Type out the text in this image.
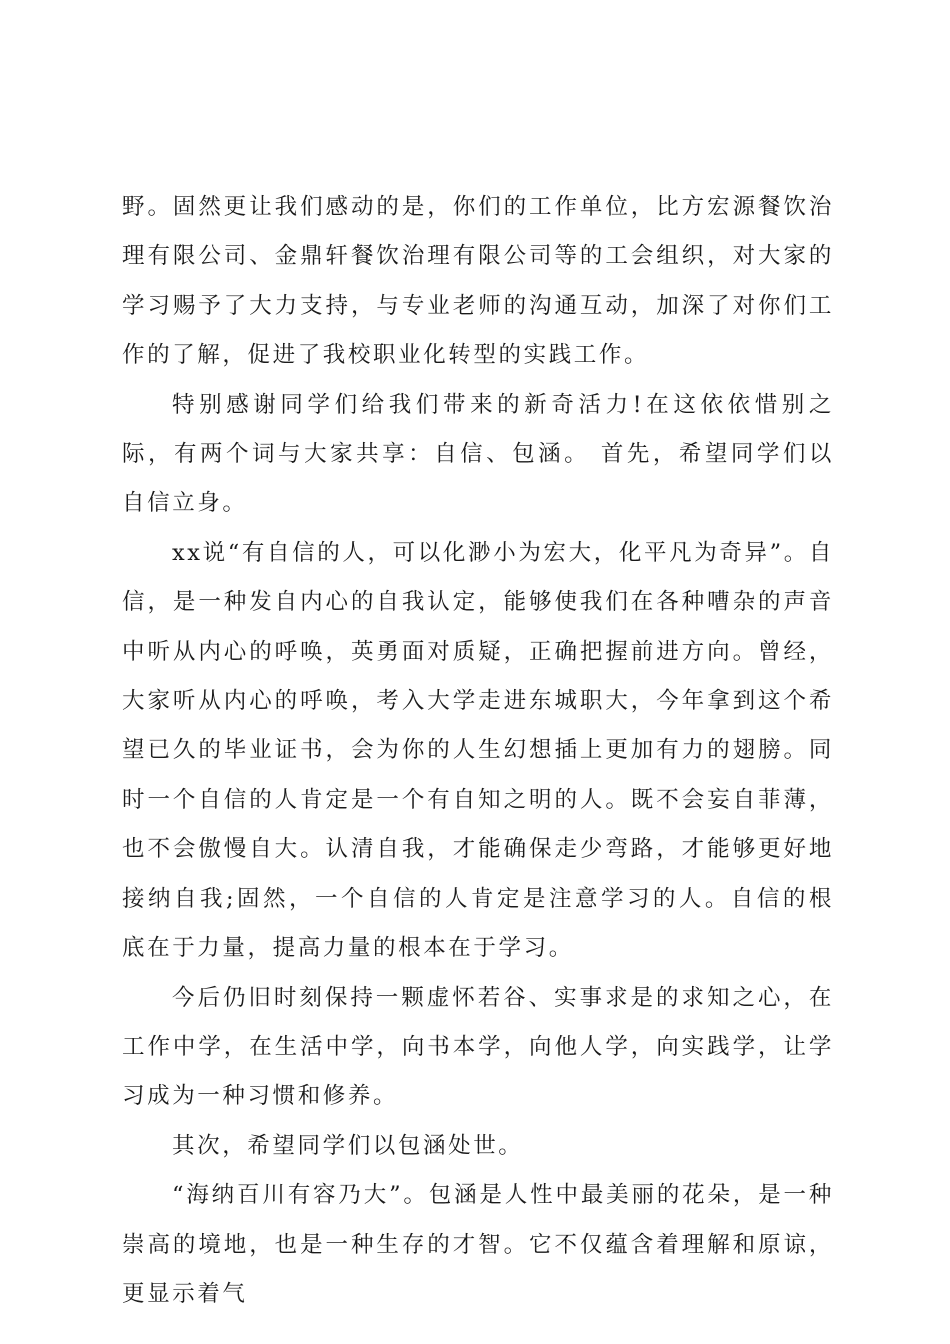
野。固然更让我们感动的是，你们的工作单位，比方宏源餐饮治理有限公司、金鼎轩餐饮治理有限公司等的工会组织，对大家的学习赐予了大力支持，与专业老师的沟通互动，加深了对你们工作的了解，促进了我校职业化转型的实践工作。

特别感谢同学们给我们带来的新奇活力!在这依依惜别之际，有两个词与大家共享：自信、包涵。 首先，希望同学们以自信立身。

xx说“有自信的人，可以化渺小为宏大，化平凡为奇异”。自信，是一种发自内心的自我认定，能够使我们在各种嘈杂的声音中听从内心的呼唤，英勇面对质疑，正确把握前进方向。曾经，大家听从内心的呼唤，考入大学走进东城职大，今年拿到这个希望已久的毕业证书，会为你的人生幻想插上更加有力的翅膀。同时一个自信的人肯定是一个有自知之明的人。既不会妄自菲薄，也不会傲慢自大。认清自我，才能确保走少弯路，才能够更好地接纳自我;固然，一个自信的人肯定是注意学习的人。自信的根底在于力量，提高力量的根本在于学习。

今后仍旧时刻保持一颗虚怀若谷、实事求是的求知之心，在工作中学，在生活中学，向书本学，向他人学，向实践学，让学习成为一种习惯和修养。

其次，希望同学们以包涵处世。

“海纳百川有容乃大”。包涵是人性中最美丽的花朵，是一种崇高的境地，也是一种生存的才智。它不仅蕴含着理解和原谅，更显示着气
